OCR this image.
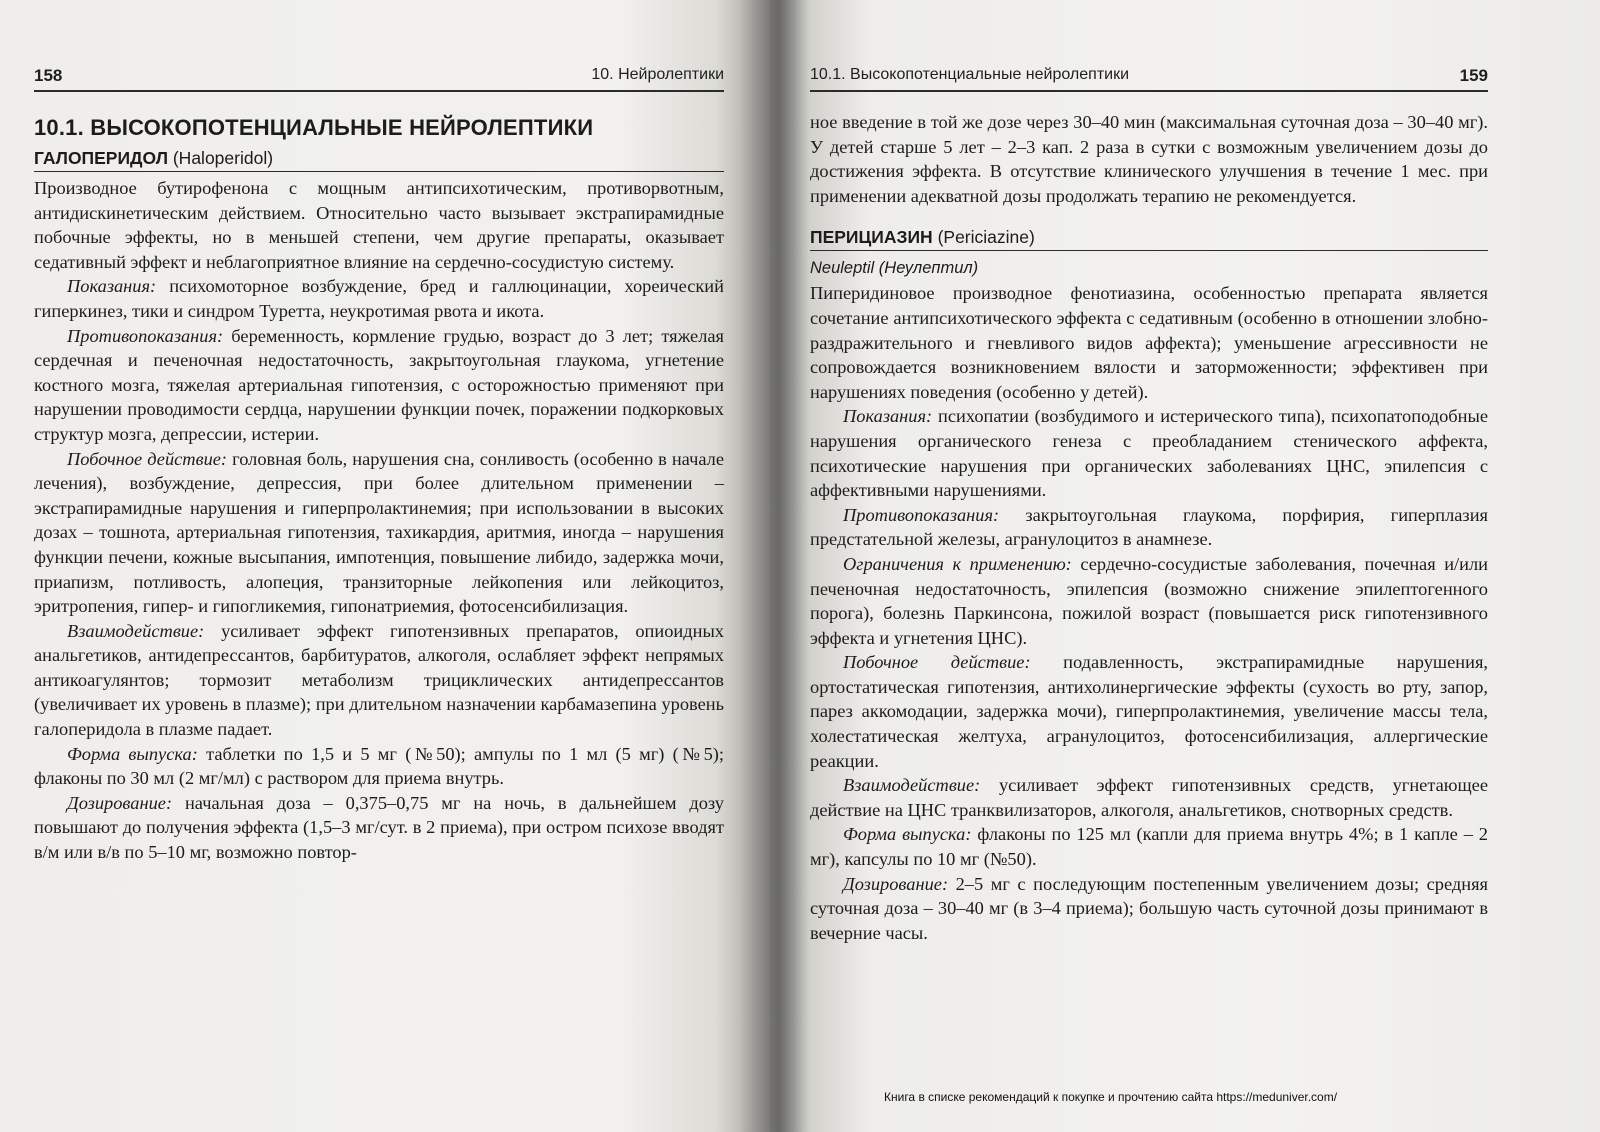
158	10. Нейролептики
10.1. ВЫСОКОПОТЕНЦИАЛЬНЫЕ НЕЙРОЛЕПТИКИ
ГАЛОПЕРИДОЛ (Haloperidol)

Производное бутирофенона с мощным антипсихотическим, противорвотным, антидискинетическим действием. Относительно часто вызывает экстрапирамидные побочные эффекты, но в меньшей степени, чем другие препараты, оказывает седативный эффект и неблагоприятное влияние на сердечно-сосудистую систему.

Показания: психомоторное возбуждение, бред и галлюцинации, хореический гиперкинез, тики и синдром Туретта, неукротимая рвота и икота.

Противопоказания: беременность, кормление грудью, возраст до 3 лет; тяжелая сердечная и печеночная недостаточность, закрытоугольная глаукома, угнетение костного мозга, тяжелая артериальная гипотензия, с осторожностью применяют при нарушении проводимости сердца, нарушении функции почек, поражении подкорковых структур мозга, депрессии, истерии.

Побочное действие: головная боль, нарушения сна, сонливость (особенно в начале лечения), возбуждение, депрессия, при более длительном применении – экстрапирамидные нарушения и гиперпролактинемия; при использовании в высоких дозах – тошнота, артериальная гипотензия, тахикардия, аритмия, иногда – нарушения функции печени, кожные высыпания, импотенция, повышение либидо, задержка мочи, приапизм, потливость, алопеция, транзиторные лейкопения или лейкоцитоз, эритропения, гипер- и гипогликемия, гипонатриемия, фотосенсибилизация.

Взаимодействие: усиливает эффект гипотензивных препаратов, опиоидных анальгетиков, антидепрессантов, барбитуратов, алкоголя, ослабляет эффект непрямых антикоагулянтов; тормозит метаболизм трициклических антидепрессантов (увеличивает их уровень в плазме); при длительном назначении карбамазепина уровень галоперидола в плазме падает.

Форма выпуска: таблетки по 1,5 и 5 мг (№50); ампулы по 1 мл (5 мг) (№5); флаконы по 30 мл (2 мг/мл) с раствором для приема внутрь.

Дозирование: начальная доза – 0,375–0,75 мг на ночь, в дальнейшем дозу повышают до получения эффекта (1,5–3 мг/сут. в 2 приема), при остром психозе вводят в/м или в/в по 5–10 мг, возможно повтор-

10.1. Высокопотенциальные нейролептики	159

ное введение в той же дозе через 30–40 мин (максимальная суточная доза – 30–40 мг). У детей старше 5 лет – 2–3 кап. 2 раза в сутки с возможным увеличением дозы до достижения эффекта. В отсутствие клинического улучшения в течение 1 мес. при применении адекватной дозы продолжать терапию не рекомендуется.

ПЕРИЦИАЗИН (Periciazine)
Neuleptil (Неулептил)

Пиперидиновое производное фенотиазина, особенностью препарата является сочетание антипсихотического эффекта с седативным (особенно в отношении злобно-раздражительного и гневливого видов аффекта); уменьшение агрессивности не сопровождается возникновением вялости и заторможенности; эффективен при нарушениях поведения (особенно у детей).

Показания: психопатии (возбудимого и истерического типа), психопатоподобные нарушения органического генеза с преобладанием стенического аффекта, психотические нарушения при органических заболеваниях ЦНС, эпилепсия с аффективными нарушениями.

Противопоказания: закрытоугольная глаукома, порфирия, гиперплазия предстательной железы, агранулоцитоз в анамнезе.

Ограничения к применению: сердечно-сосудистые заболевания, почечная и/или печеночная недостаточность, эпилепсия (возможно снижение эпилептогенного порога), болезнь Паркинсона, пожилой возраст (повышается риск гипотензивного эффекта и угнетения ЦНС).

Побочное действие: подавленность, экстрапирамидные нарушения, ортостатическая гипотензия, антихолинергические эффекты (сухость во рту, запор, парез аккомодации, задержка мочи), гиперпролактинемия, увеличение массы тела, холестатическая желтуха, агранулоцитоз, фотосенсибилизация, аллергические реакции.

Взаимодействие: усиливает эффект гипотензивных средств, угнетающее действие на ЦНС транквилизаторов, алкоголя, анальгетиков, снотворных средств.

Форма выпуска: флаконы по 125 мл (капли для приема внутрь 4%; в 1 капле – 2 мг), капсулы по 10 мг (№50).

Дозирование: 2–5 мг с последующим постепенным увеличением дозы; средняя суточная доза – 30–40 мг (в 3–4 приема); большую часть суточной дозы принимают в вечерние часы.

Книга в списке рекомендаций к покупке и прочтению сайта https://meduniver.com/
